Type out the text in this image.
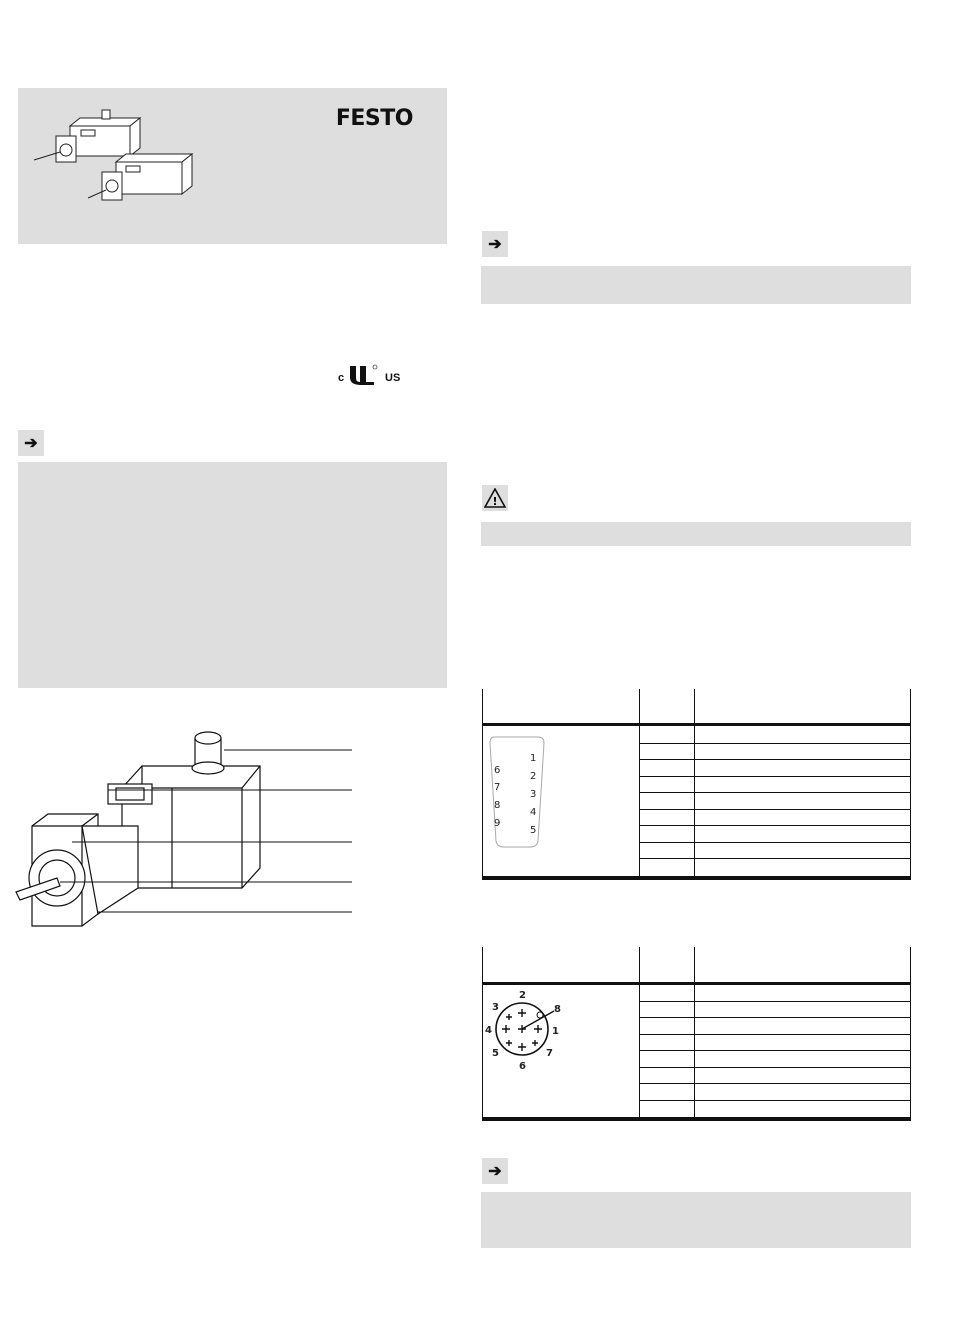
FESTO
c	US
➔
➔
!
6
7
8
9
1
2
3
4
5
1
2
3
4
5
6
7
8
➔
